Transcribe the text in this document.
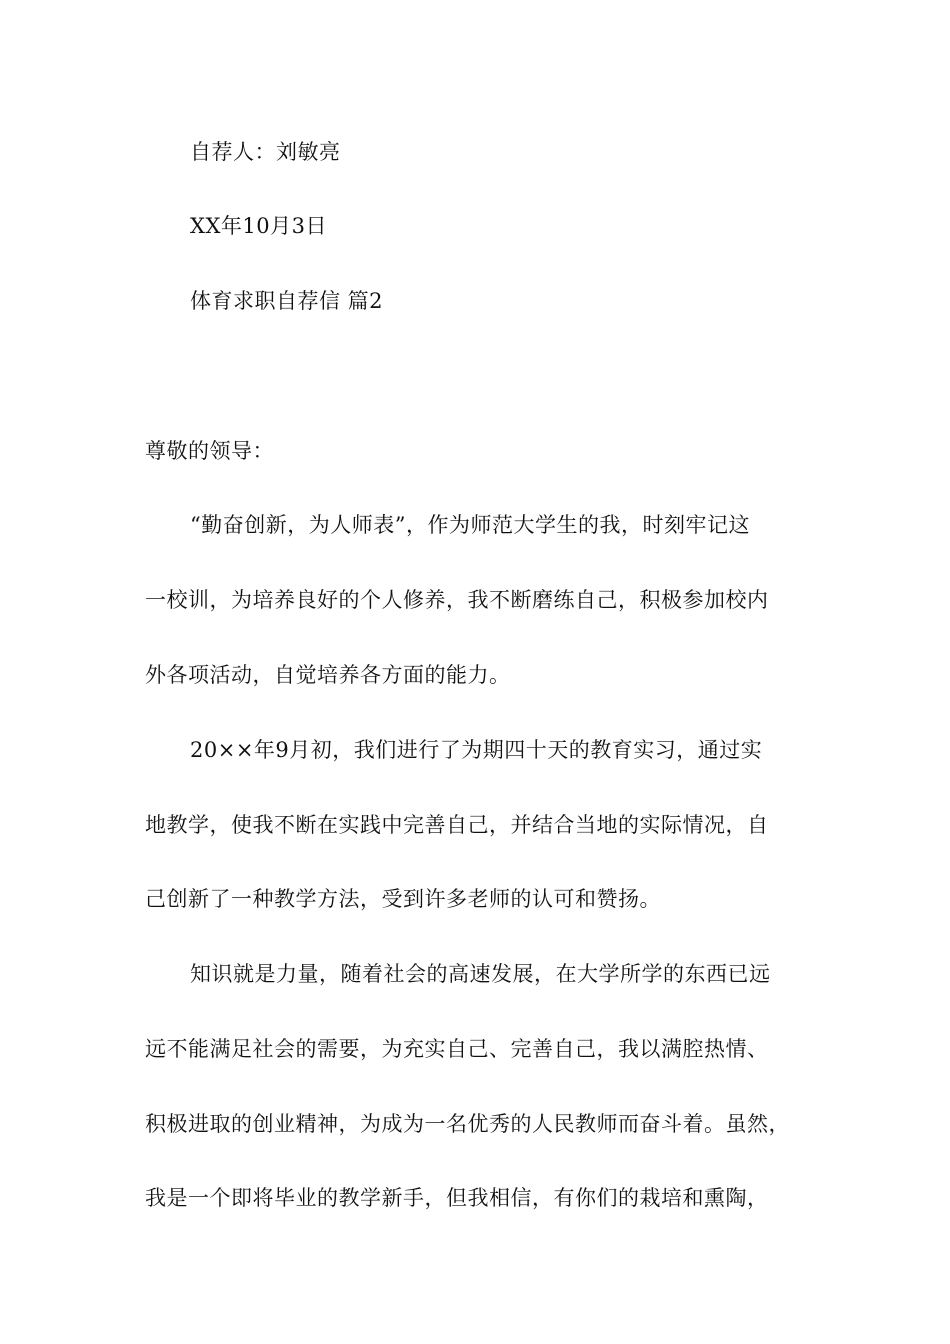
自荐人：刘敏亮
XX年10月3日
体育求职自荐信 篇2
尊敬的领导：
“勤奋创新，为人师表”，作为师范大学生的我，时刻牢记这
一校训，为培养良好的个人修养，我不断磨练自己，积极参加校内
外各项活动，自觉培养各方面的能力。
20××年9月初，我们进行了为期四十天的教育实习，通过实
地教学，使我不断在实践中完善自己，并结合当地的实际情况，自
己创新了一种教学方法，受到许多老师的认可和赞扬。
知识就是力量，随着社会的高速发展，在大学所学的东西已远
远不能满足社会的需要，为充实自己、完善自己，我以满腔热情、
积极进取的创业精神，为成为一名优秀的人民教师而奋斗着。虽然，
我是一个即将毕业的教学新手，但我相信，有你们的栽培和熏陶，
